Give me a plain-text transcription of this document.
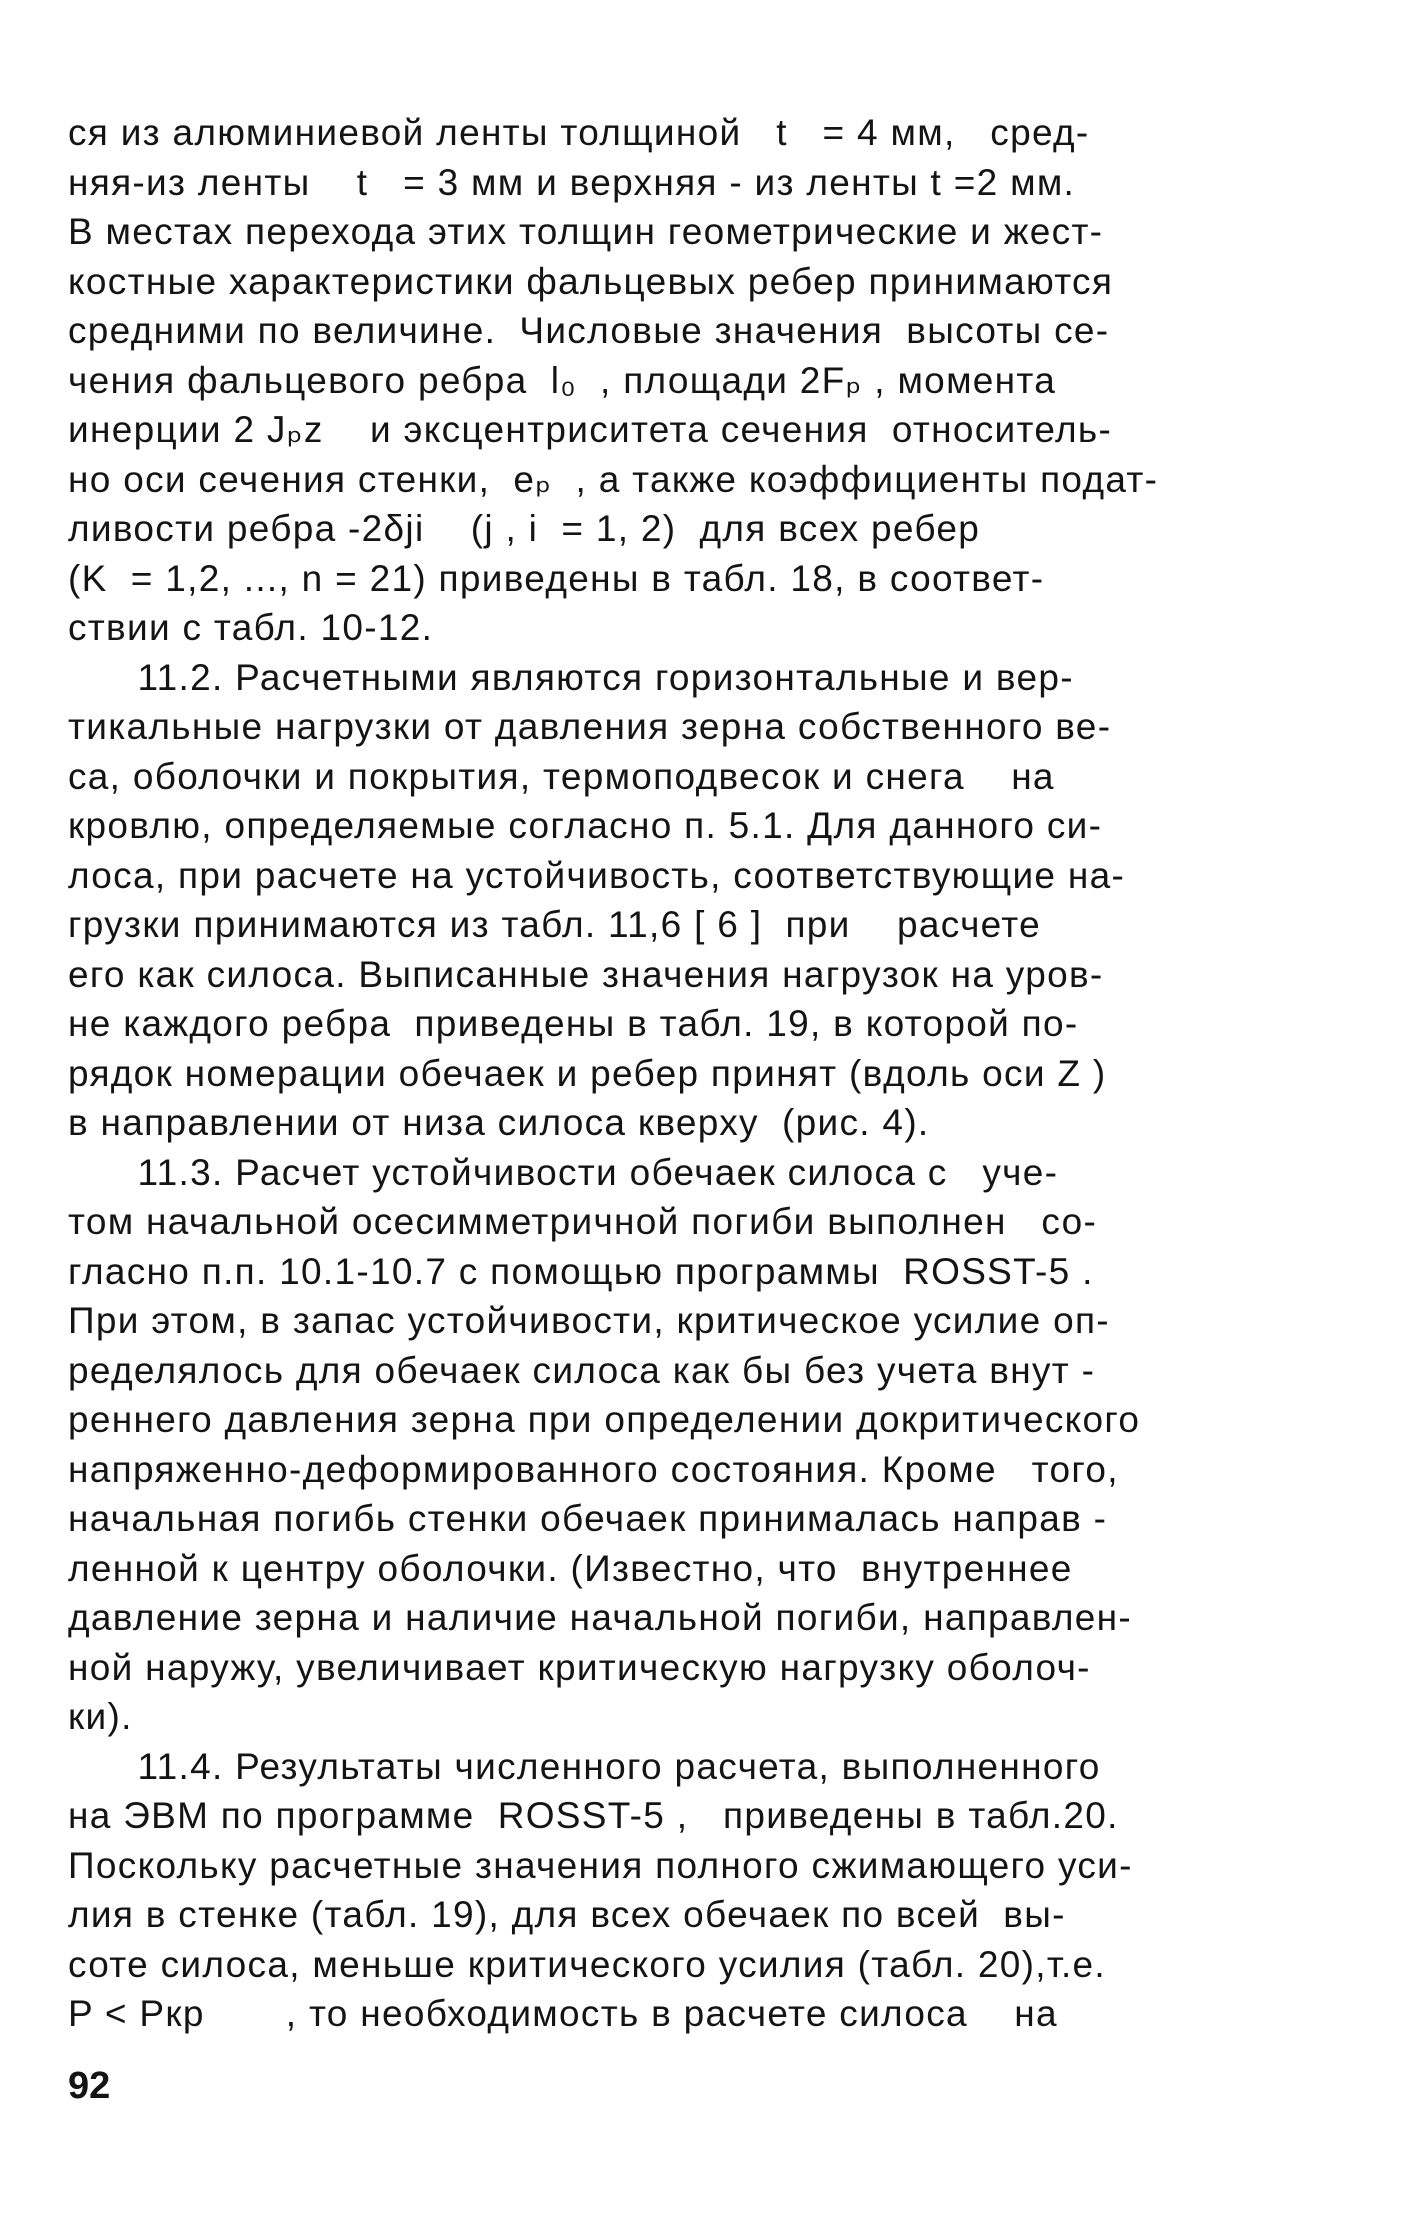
ся из алюминиевой ленты толщиной   t   = 4 мм,   сред-
няя-из ленты    t   = 3 мм и верхняя - из ленты t =2 мм.
В местах перехода этих толщин геометрические и жест-
костные характеристики фальцевых ребер принимаются
средними по величине.  Числовые значения  высоты се-
чения фальцевого ребра  l₀  , площади 2Fₚ , момента
инерции 2 Jₚz    и эксцентриситета сечения  относитель-
но оси сечения стенки,  eₚ  , а также коэффициенты подат-
ливости ребра -2δji    (j , i  = 1, 2)  для всех ребер
(K  = 1,2, ..., n = 21) приведены в табл. 18, в соответ-
ствии с табл. 10-12.
11.2. Расчетными являются горизонтальные и вер-
тикальные нагрузки от давления зерна собственного ве-
са, оболочки и покрытия, термоподвесок и снега    на
кровлю, определяемые согласно п. 5.1. Для данного си-
лоса, при расчете на устойчивость, соответствующие на-
грузки принимаются из табл. 11,6 [ 6 ]  при    расчете
его как силоса. Выписанные значения нагрузок на уров-
не каждого ребра  приведены в табл. 19, в которой по-
рядок номерации обечаек и ребер принят (вдоль оси Z )
в направлении от низа силоса кверху  (рис. 4).
11.3. Расчет устойчивости обечаек силоса с   уче-
том начальной осесимметричной погиби выполнен   со-
гласно п.п. 10.1-10.7 с помощью программы  ROSST-5 .
При этом, в запас устойчивости, критическое усилие оп-
ределялось для обечаек силоса как бы без учета внут -
реннего давления зерна при определении докритического
напряженно-деформированного состояния. Кроме   того,
начальная погибь стенки обечаек принималась направ -
ленной к центру оболочки. (Известно, что  внутреннее
давление зерна и наличие начальной погиби, направлен-
ной наружу, увеличивает критическую нагрузку оболоч-
ки).
11.4. Результаты численного расчета, выполненного
на ЭВМ по программе  ROSST-5 ,   приведены в табл.20.
Поскольку расчетные значения полного сжимающего уси-
лия в стенке (табл. 19), для всех обечаек по всей  вы-
соте силоса, меньше критического усилия (табл. 20),т.е.
P < Pкр       , то необходимость в расчете силоса    на
92
